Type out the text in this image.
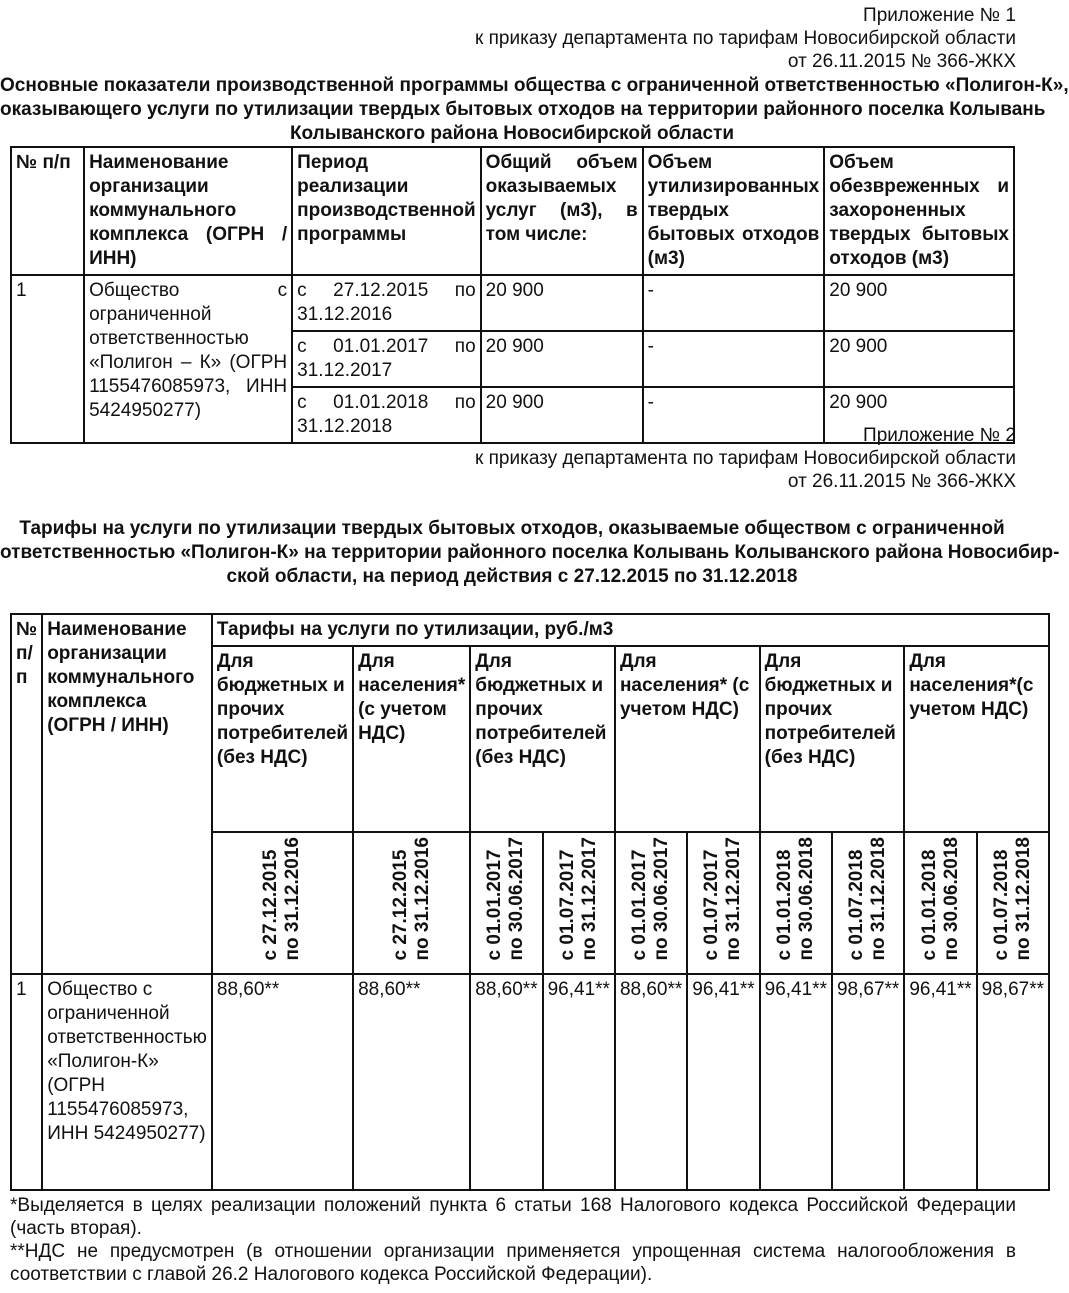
Приложение № 1
к приказу департамента по тарифам Новосибирской области
от 26.11.2015 № 366-ЖКХ
Основные показатели производственной программы общества с ограниченной ответственностью «Полигон-К»,
оказывающего услуги по утилизации твердых бытовых отходов на территории районного поселка Колывань
Колыванского района Новосибирской области
№ п/п	Наименование организации коммунального комплекса (ОГРН / ИНН)	Период реализации производственной программы	Общий объем оказываемых услуг (м3), в том числе:	Объем утилизированных твердых бытовых отходов (м3)	Объем обезвреженных и захороненных твердых бытовых отходов (м3)
1	Общество с ограниченной ответственностью «Полигон – К» (ОГРН 1155476085973, ИНН 5424950277)	с 27.12.2015 по 31.12.2016	20 900	-	20 900
		с 01.01.2017 по 31.12.2017	20 900	-	20 900
		с 01.01.2018 по 31.12.2018	20 900	-	20 900
Приложение № 2
к приказу департамента по тарифам Новосибирской области
от 26.11.2015 № 366-ЖКХ
Тарифы на услуги по утилизации твердых бытовых отходов, оказываемые обществом с ограниченной
ответственностью «Полигон-К» на территории районного поселка Колывань Колыванского района Новосибир-
ской области, на период действия с 27.12.2015 по 31.12.2018
№ п/п	Наименование организации коммунального комплекса (ОГРН / ИНН)	Тарифы на услуги по утилизации, руб./м3									
		Для бюджетных и прочих потребителей (без НДС)	Для населения* (с учетом НДС)	Для бюджетных и прочих потребителей (без НДС)		Для населения* (с учетом НДС)		Для бюджетных и прочих потребителей (без НДС)		Для населения*(с учетом НДС)	
		с 27.12.2015
по 31.12.2016	с 27.12.2015
по 31.12.2016	с 01.01.2017
по 30.06.2017	с 01.07.2017
по 31.12.2017	с 01.01.2017
по 30.06.2017	с 01.07.2017
по 31.12.2017	с 01.01.2018
по 30.06.2018	с 01.07.2018
по 31.12.2018	с 01.01.2018
по 30.06.2018	с 01.07.2018
по 31.12.2018
1	Общество с ограниченной ответственностью «Полигон-К» (ОГРН 1155476085973, ИНН 5424950277)	88,60**	88,60**	88,60**	96,41**	88,60**	96,41**	96,41**	98,67**	96,41**	98,67**
*Выделяется в целях реализации положений пункта 6 статьи 168 Налогового кодекса Российской Федерации (часть вторая).
**НДС не предусмотрен (в отношении организации применяется упрощенная система налогообложения в соответствии с главой 26.2 Налогового кодекса Российской Федерации).
